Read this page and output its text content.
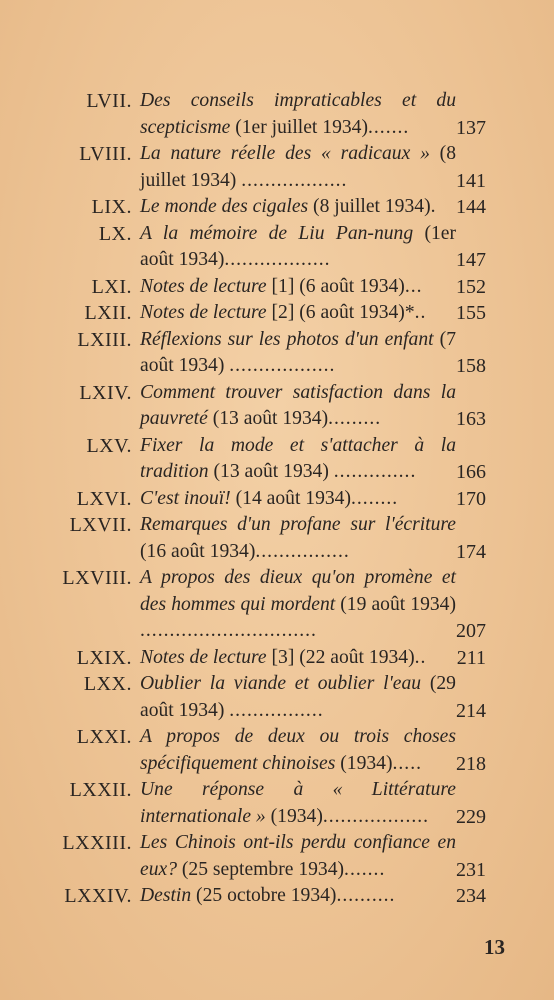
LVII. Des conseils impraticables et du scepticisme (1er juillet 1934).......	137
LVIII. La nature réelle des « radicaux » (8 juillet 1934) ..................	141
LIX. Le monde des cigales (8 juillet 1934). 144
LX. A la mémoire de Liu Pan-nung (1er août 1934)..................	147
LXI. Notes de lecture [1] (6 août 1934)...	152
LXII. Notes de lecture [2] (6 août 1934)*..	155
LXIII. Réflexions sur les photos d'un enfant (7 août 1934) ..................	158
LXIV. Comment trouver satisfaction dans la pauvreté (13 août 1934).........	163
LXV. Fixer la mode et s'attacher à la tradition (13 août 1934) ..............	166
LXVI. C'est inouï! (14 août 1934)........	170
LXVII. Remarques d'un profane sur l'écriture (16 août 1934)................	174
LXVIII. A propos des dieux qu'on promène et des hommes qui mordent (19 août 1934) ..............................	207
LXIX. Notes de lecture [3] (22 août 1934)..	211
LXX. Oublier la viande et oublier l'eau (29 août 1934) ................	214
LXXI. A propos de deux ou trois choses spécifiquement chinoises (1934).....	218
LXXII. Une réponse à « Littérature internationale » (1934)..................	229
LXXIII. Les Chinois ont-ils perdu confiance en eux? (25 septembre 1934).......	231
LXXIV. Destin (25 octobre 1934)..........	234
13
